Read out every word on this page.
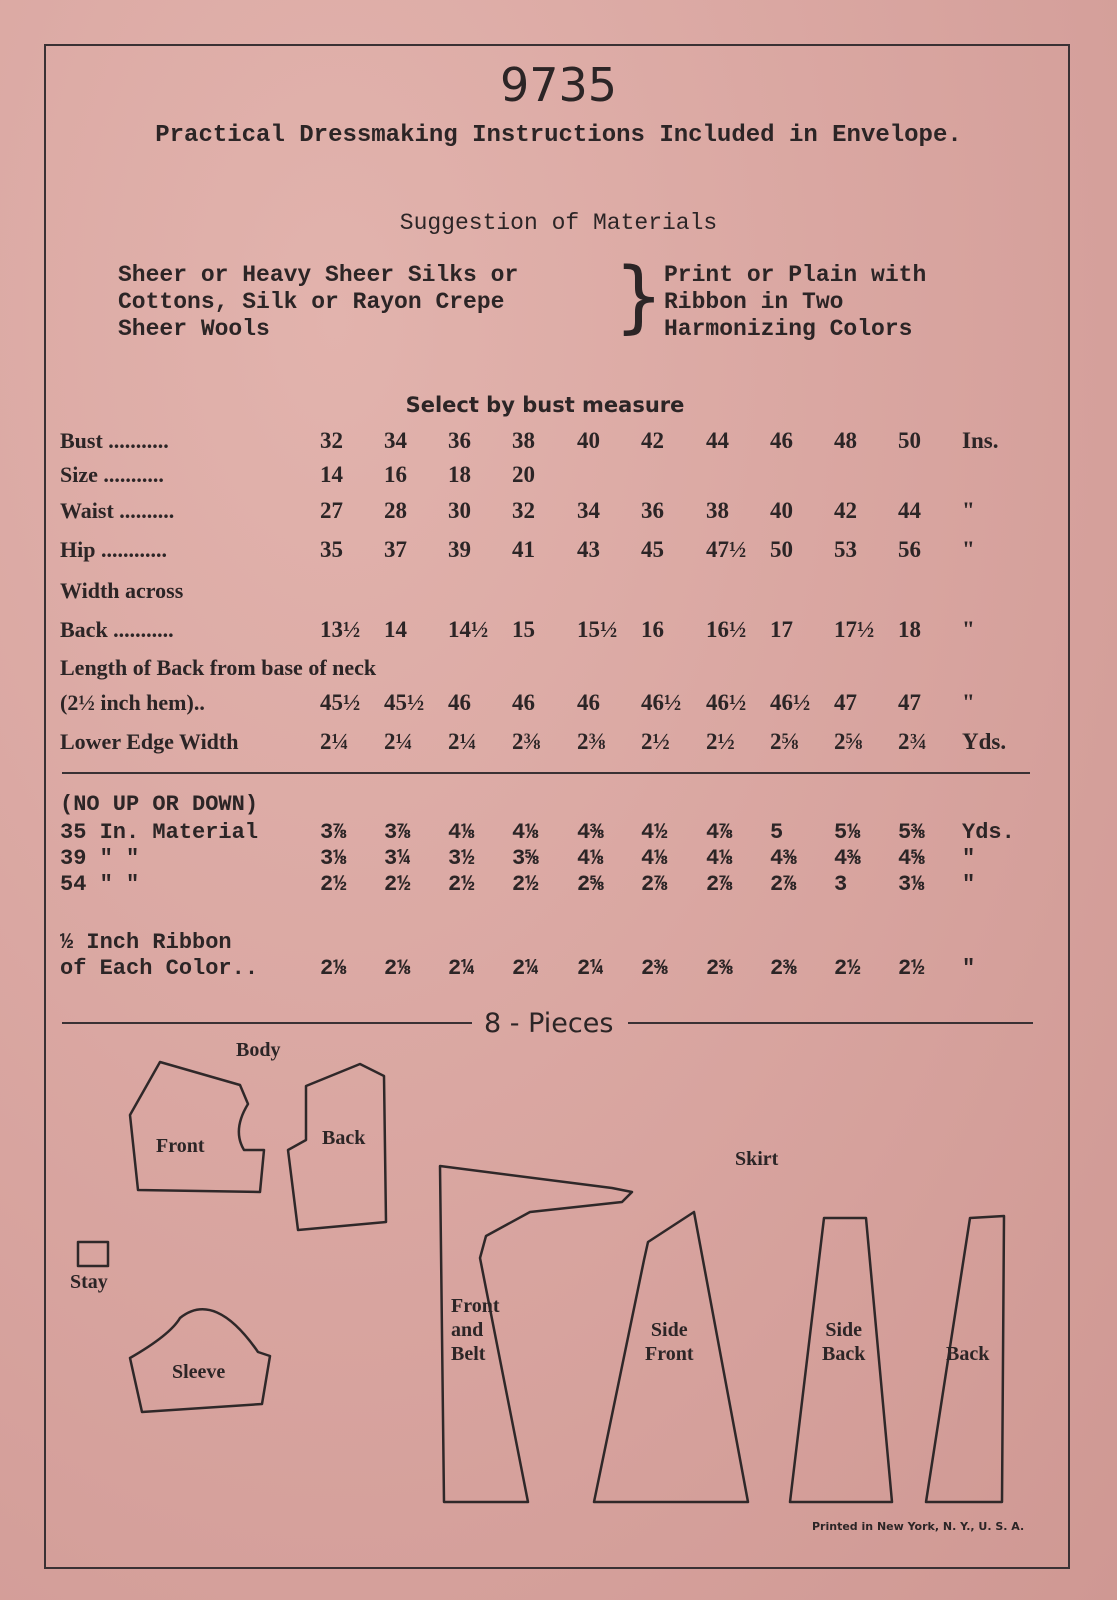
9735
Practical Dressmaking Instructions Included in Envelope.
Suggestion of Materials
Sheer or Heavy Sheer Silks or
Cottons, Silk or Rayon Crepe
Sheer Wools	} Print or Plain with
Ribbon in Two
Harmonizing Colors
Select by bust measure
Bust ...........	32 34 36 38 40 42 44 46 48 50 Ins.
Size ...........	14 16 18 20
Waist ..........	27 28 30 32 34 36 38 40 42 44 "
Hip ............	35 37 39 41 43 45 47½ 50 53 56 "
Width across
Back ...........	13½ 14 14½ 15 15½ 16 16½ 17 17½ 18 "
Length of Back from base of neck
(2½ inch hem)..	45½ 45½ 46 46 46 46½ 46½ 46½ 47 47 "
Lower Edge Width	2¼ 2¼ 2¼ 2⅜ 2⅜ 2½ 2½ 2⅝ 2⅝ 2¾ Yds.
(NO UP OR DOWN)
35 In. Material	3⅞ 3⅞ 4⅛ 4⅛ 4⅜ 4½ 4⅞ 5 5⅛ 5⅜ Yds.
39 " "	3⅛ 3¼ 3½ 3⅝ 4⅛ 4⅛ 4⅛ 4⅜ 4⅜ 4⅝ "
54 " "	2½ 2½ 2½ 2½ 2⅝ 2⅞ 2⅞ 2⅞ 3 3⅛ "
½ Inch Ribbon
of Each Color..	2⅛ 2⅛ 2¼ 2¼ 2¼ 2⅜ 2⅜ 2⅜ 2½ 2½ "
8 - Pieces
Body
Front	Back
Stay
Sleeve
Skirt
Front
and
Belt
Side
Front
Side
Back	Back
Printed in New York, N. Y., U. S. A.
